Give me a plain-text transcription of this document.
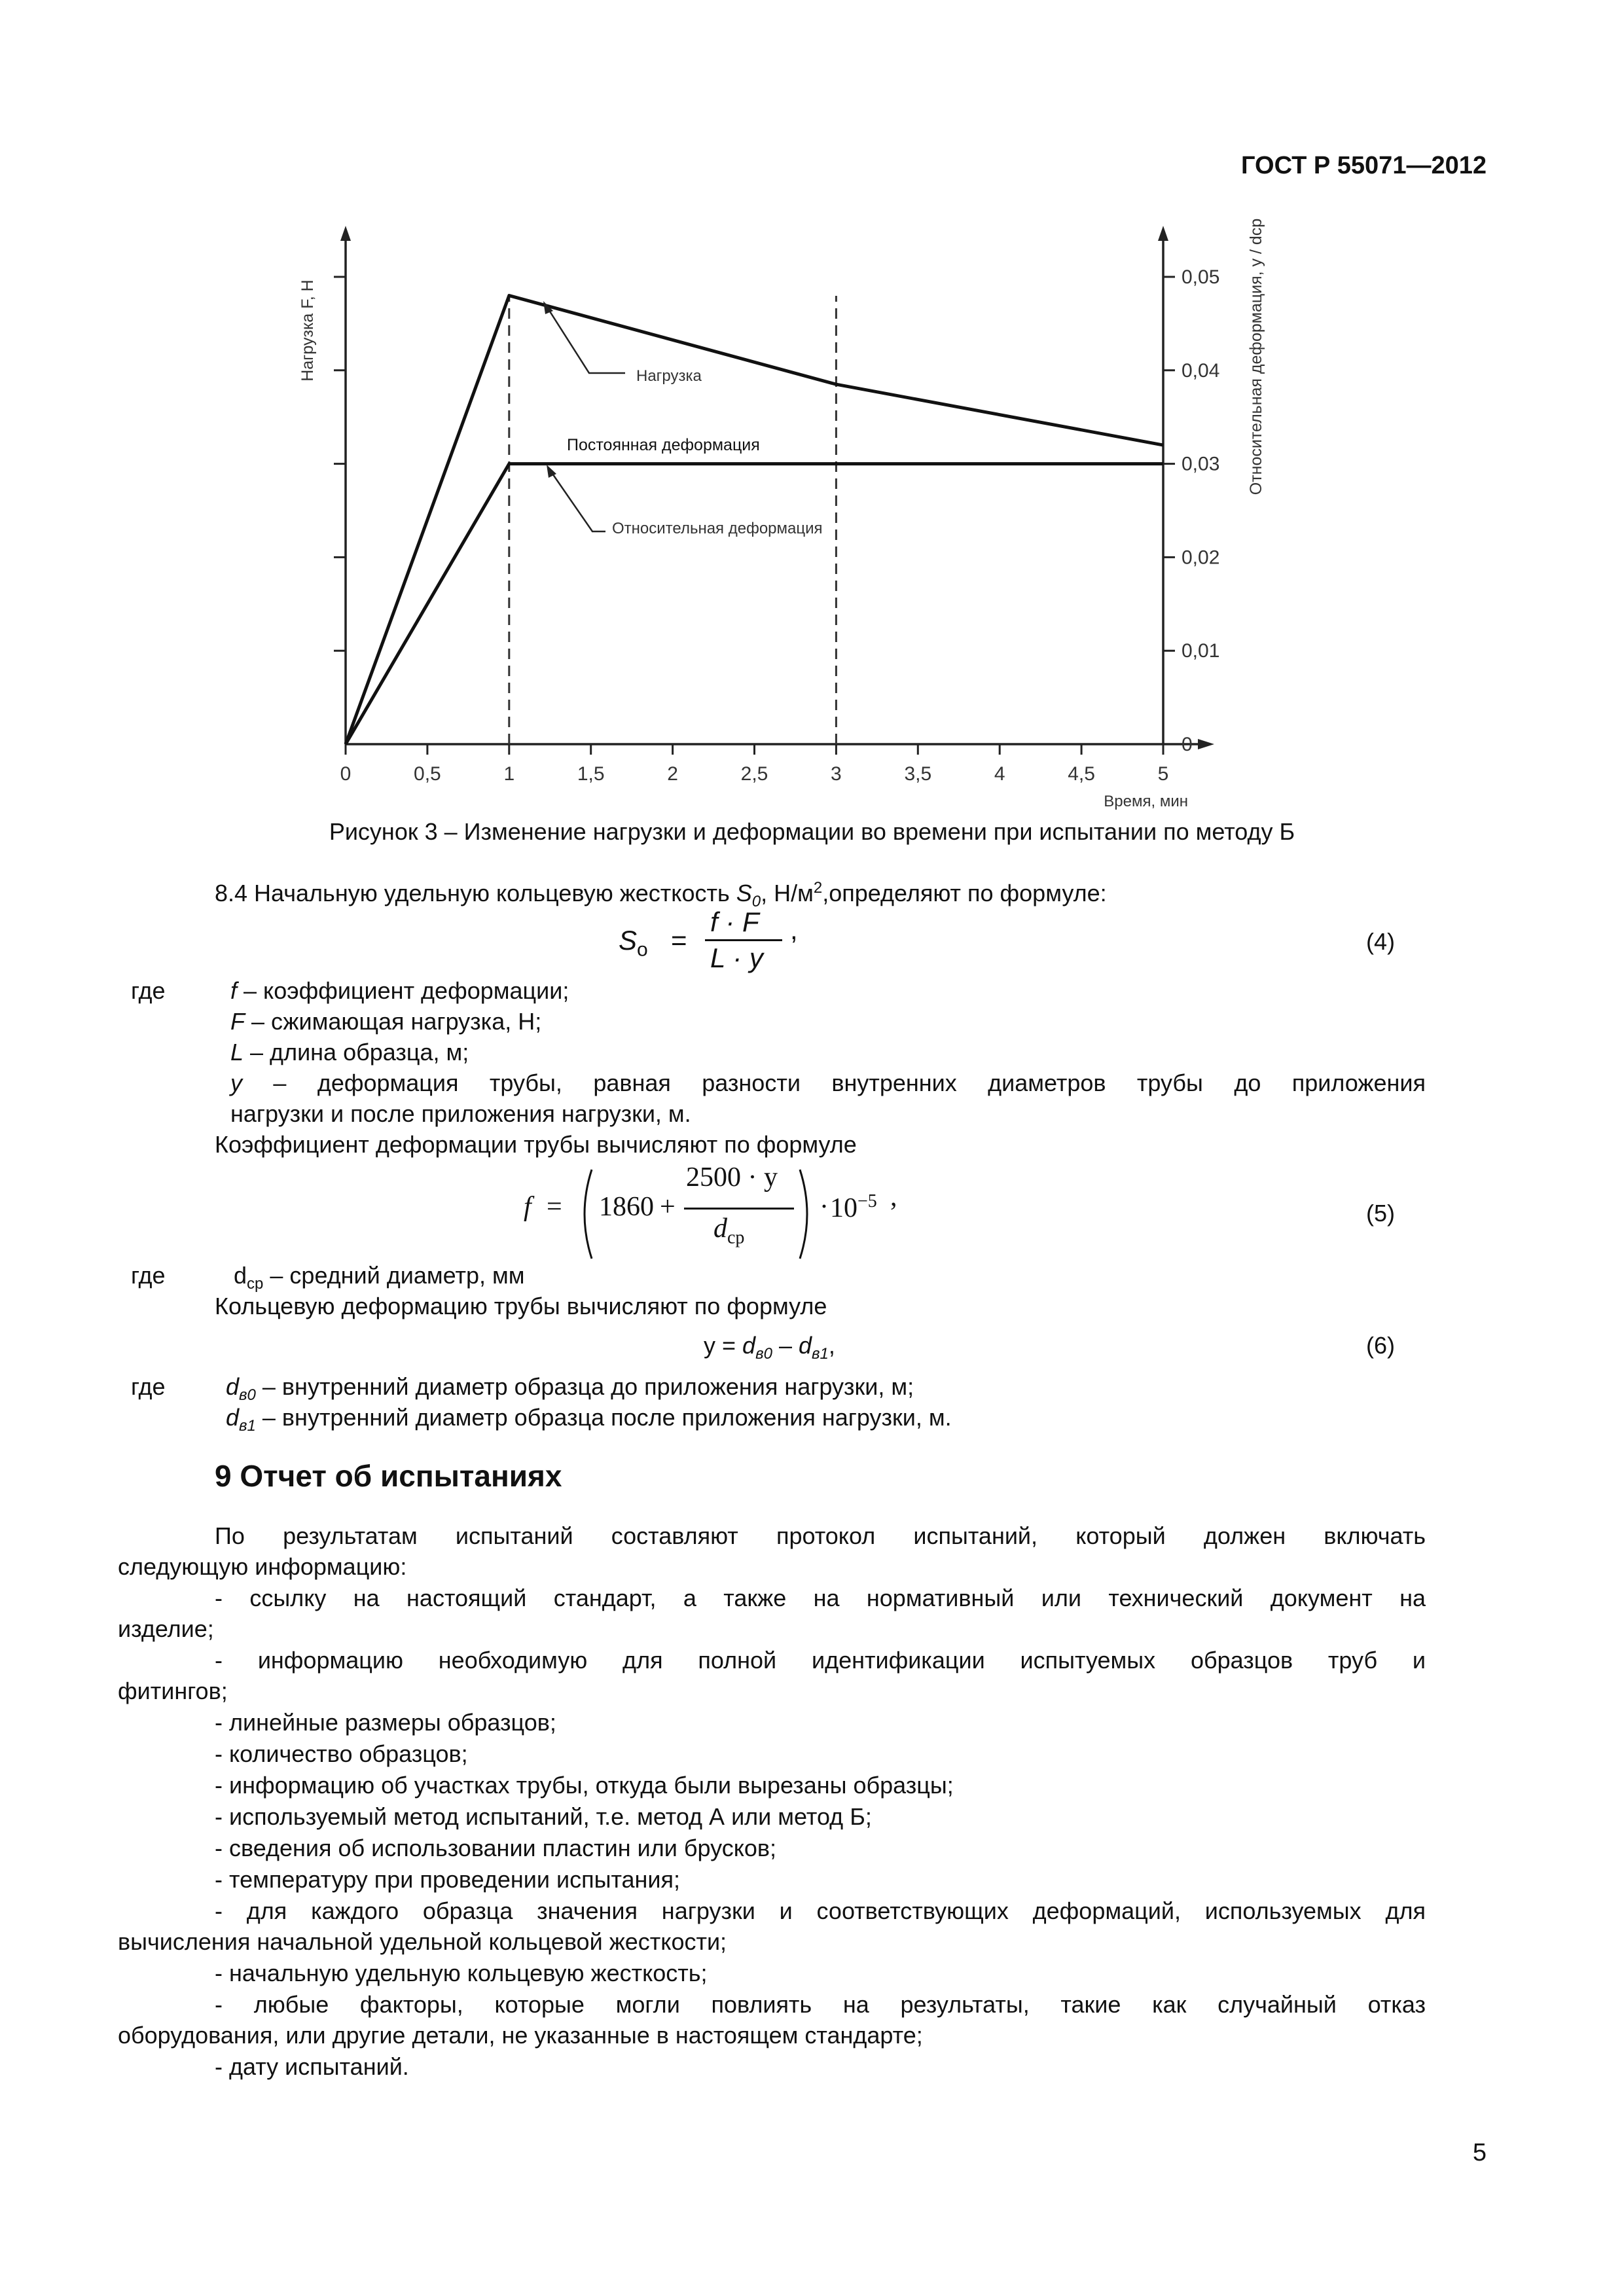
ГОСТ Р 55071—2012
0	0,5	1	1,5	2	2,5	3	3,5	4	4,5	5
0
0,01
0,02
0,03
0,04
0,05
Нагрузка
Постоянная деформация
Относительная деформация
Нагрузка F, Н	Относительная деформация, y / dср
Время, мин
Рисунок 3 – Изменение нагрузки и деформации во времени при испытании по методу Б
8.4 Начальную удельную кольцевую жесткость $S_0$, $Н/м^2,определяют$ по формуле:
$S_o$ =
f · F
L · y
,	(4)
где	f – коэффициент деформации;
F – сжимающая нагрузка, Н;
L – длина образца, м;
y – деформация трубы, равная разности внутренних диаметров трубы до приложения
нагрузки и после приложения нагрузки, м.
Коэффициент деформации трубы вычисляют по формуле
f = 1860 +
2500 · y
$d_{ср}$
· $10^{-5}$ ,
(5)
где	$d_{ср}$ – средний диаметр, мм
Кольцевую деформацию трубы вычисляют по формуле
$y = d_{в0} - d_{в1}$,	(6)
где	$d_{в0}$ – внутренний диаметр образца до приложения нагрузки, м;
$d_{в1}$ – внутренний диаметр образца после приложения нагрузки, м.
9 Отчет об испытаниях
По результатам испытаний составляют протокол испытаний, который должен включать
следующую информацию:
- ссылку на настоящий стандарт, а также на нормативный или технический документ на
изделие;
- информацию необходимую для полной идентификации испытуемых образцов труб и
фитингов;
- линейные размеры образцов;
- количество образцов;
- информацию об участках трубы, откуда были вырезаны образцы;
- используемый метод испытаний, т.е. метод А или метод Б;
- сведения об использовании пластин или брусков;
- температуру при проведении испытания;
- для каждого образца значения нагрузки и соответствующих деформаций, используемых для
вычисления начальной удельной кольцевой жесткости;
- начальную удельную кольцевую жесткость;
- любые факторы, которые могли повлиять на результаты, такие как случайный отказ
оборудования, или другие детали, не указанные в настоящем стандарте;
- дату испытаний.
5
